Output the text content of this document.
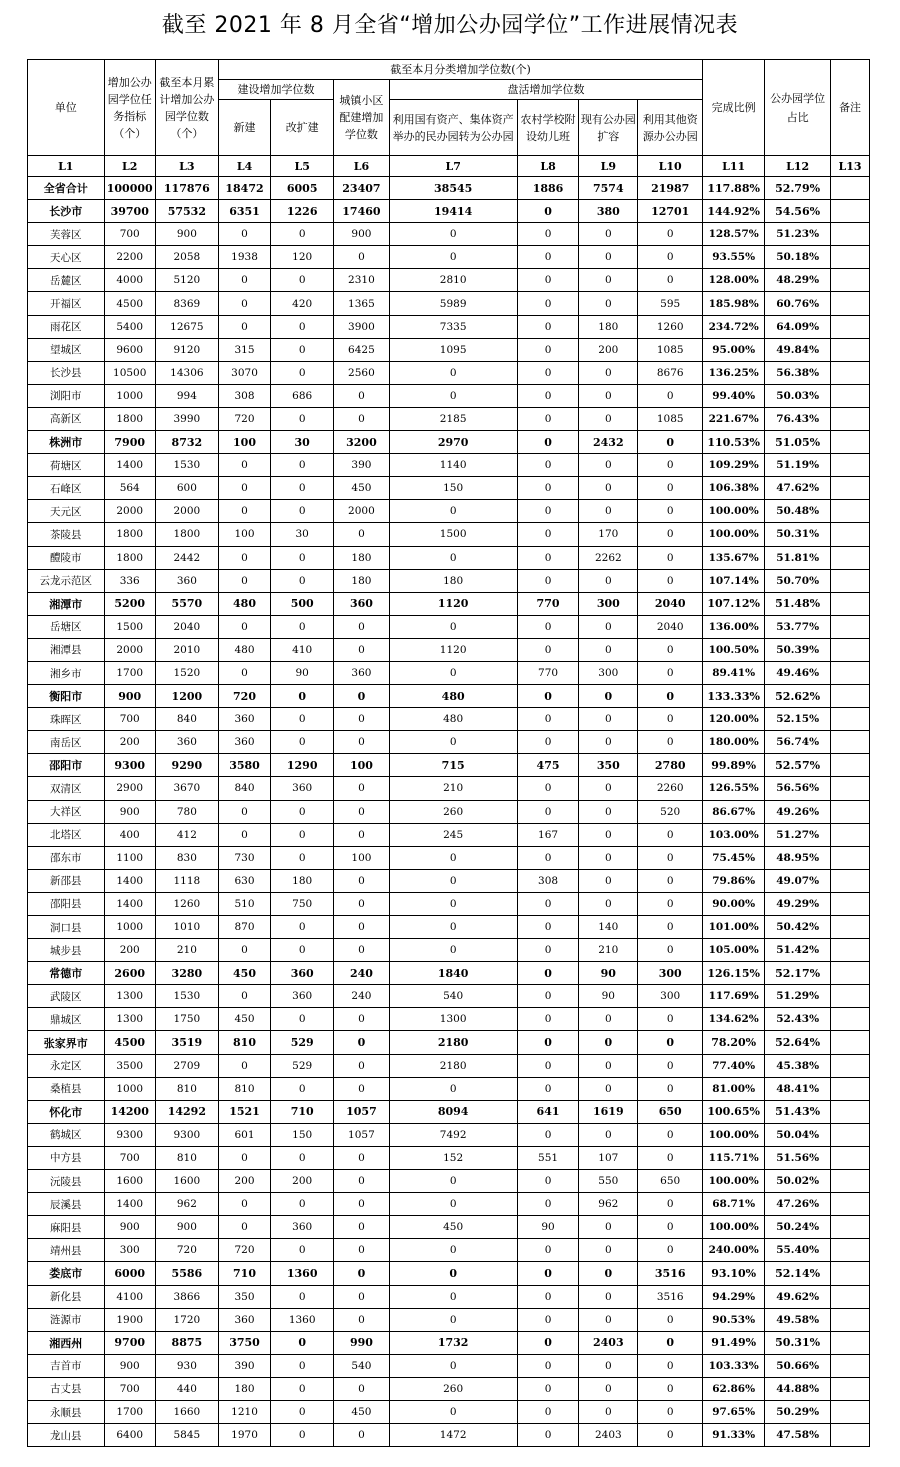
截至 2021 年 8 月全省“增加公办园学位”工作进展情况表
单位	增加公办园学位任务指标（个）	截至本月累计增加公办园学位数（个）	截至本月分类增加学位数(个)							完成比例	公办园学位占比	备注
			建设增加学位数		城镇小区配建增加学位数	盘活增加学位数						
			新建	改扩建		利用国有资产、集体资产举办的民办园转为公办园	农村学校附设幼儿班	现有公办园扩容	利用其他资源办公办园			
L1	L2	L3	L4	L5	L6	L7	L8	L9	L10	L11	L12	L13
全省合计	100000	117876	18472	6005	23407	38545	1886	7574	21987	117.88%	52.79%	
长沙市	39700	57532	6351	1226	17460	19414	0	380	12701	144.92%	54.56%	
芙蓉区	700	900	0	0	900	0	0	0	0	128.57%	51.23%	
天心区	2200	2058	1938	120	0	0	0	0	0	93.55%	50.18%	
岳麓区	4000	5120	0	0	2310	2810	0	0	0	128.00%	48.29%	
开福区	4500	8369	0	420	1365	5989	0	0	595	185.98%	60.76%	
雨花区	5400	12675	0	0	3900	7335	0	180	1260	234.72%	64.09%	
望城区	9600	9120	315	0	6425	1095	0	200	1085	95.00%	49.84%	
长沙县	10500	14306	3070	0	2560	0	0	0	8676	136.25%	56.38%	
浏阳市	1000	994	308	686	0	0	0	0	0	99.40%	50.03%	
高新区	1800	3990	720	0	0	2185	0	0	1085	221.67%	76.43%	
株洲市	7900	8732	100	30	3200	2970	0	2432	0	110.53%	51.05%	
荷塘区	1400	1530	0	0	390	1140	0	0	0	109.29%	51.19%	
石峰区	564	600	0	0	450	150	0	0	0	106.38%	47.62%	
天元区	2000	2000	0	0	2000	0	0	0	0	100.00%	50.48%	
茶陵县	1800	1800	100	30	0	1500	0	170	0	100.00%	50.31%	
醴陵市	1800	2442	0	0	180	0	0	2262	0	135.67%	51.81%	
云龙示范区	336	360	0	0	180	180	0	0	0	107.14%	50.70%	
湘潭市	5200	5570	480	500	360	1120	770	300	2040	107.12%	51.48%	
岳塘区	1500	2040	0	0	0	0	0	0	2040	136.00%	53.77%	
湘潭县	2000	2010	480	410	0	1120	0	0	0	100.50%	50.39%	
湘乡市	1700	1520	0	90	360	0	770	300	0	89.41%	49.46%	
衡阳市	900	1200	720	0	0	480	0	0	0	133.33%	52.62%	
珠晖区	700	840	360	0	0	480	0	0	0	120.00%	52.15%	
南岳区	200	360	360	0	0	0	0	0	0	180.00%	56.74%	
邵阳市	9300	9290	3580	1290	100	715	475	350	2780	99.89%	52.57%	
双清区	2900	3670	840	360	0	210	0	0	2260	126.55%	56.56%	
大祥区	900	780	0	0	0	260	0	0	520	86.67%	49.26%	
北塔区	400	412	0	0	0	245	167	0	0	103.00%	51.27%	
邵东市	1100	830	730	0	100	0	0	0	0	75.45%	48.95%	
新邵县	1400	1118	630	180	0	0	308	0	0	79.86%	49.07%	
邵阳县	1400	1260	510	750	0	0	0	0	0	90.00%	49.29%	
洞口县	1000	1010	870	0	0	0	0	140	0	101.00%	50.42%	
城步县	200	210	0	0	0	0	0	210	0	105.00%	51.42%	
常德市	2600	3280	450	360	240	1840	0	90	300	126.15%	52.17%	
武陵区	1300	1530	0	360	240	540	0	90	300	117.69%	51.29%	
鼎城区	1300	1750	450	0	0	1300	0	0	0	134.62%	52.43%	
张家界市	4500	3519	810	529	0	2180	0	0	0	78.20%	52.64%	
永定区	3500	2709	0	529	0	2180	0	0	0	77.40%	45.38%	
桑植县	1000	810	810	0	0	0	0	0	0	81.00%	48.41%	
怀化市	14200	14292	1521	710	1057	8094	641	1619	650	100.65%	51.43%	
鹤城区	9300	9300	601	150	1057	7492	0	0	0	100.00%	50.04%	
中方县	700	810	0	0	0	152	551	107	0	115.71%	51.56%	
沅陵县	1600	1600	200	200	0	0	0	550	650	100.00%	50.02%	
辰溪县	1400	962	0	0	0	0	0	962	0	68.71%	47.26%	
麻阳县	900	900	0	360	0	450	90	0	0	100.00%	50.24%	
靖州县	300	720	720	0	0	0	0	0	0	240.00%	55.40%	
娄底市	6000	5586	710	1360	0	0	0	0	3516	93.10%	52.14%	
新化县	4100	3866	350	0	0	0	0	0	3516	94.29%	49.62%	
涟源市	1900	1720	360	1360	0	0	0	0	0	90.53%	49.58%	
湘西州	9700	8875	3750	0	990	1732	0	2403	0	91.49%	50.31%	
吉首市	900	930	390	0	540	0	0	0	0	103.33%	50.66%	
古丈县	700	440	180	0	0	260	0	0	0	62.86%	44.88%	
永顺县	1700	1660	1210	0	450	0	0	0	0	97.65%	50.29%	
龙山县	6400	5845	1970	0	0	1472	0	2403	0	91.33%	47.58%	
